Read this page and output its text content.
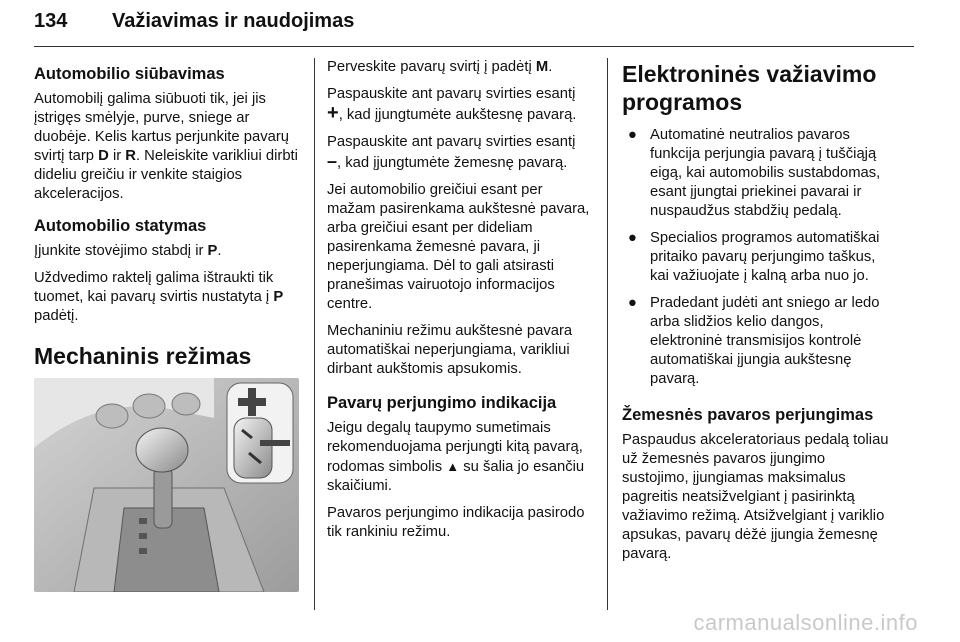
134 Važiavimas ir naudojimas
Automobilio siūbavimas

Automobilį galima siūbuoti tik, jei jis įstrigęs smėlyje, purve, sniege ar duobėje. Kelis kartus perjunkite pavarų svirtį tarp D ir R. Neleiskite varikliui dirbti dideliu greičiu ir venkite staigios akceleracijos.

Automobilio statymas

Įjunkite stovėjimo stabdį ir P.

Uždvedimo raktelį galima ištraukti tik tuomet, kai pavarų svirtis nustatyta į P padėtį.

Mechaninis režimas

Perveskite pavarų svirtį į padėtį M.

Paspauskite ant pavarų svirties esantį +, kad įjungtumėte aukštesnę pavarą.

Paspauskite ant pavarų svirties esantį –, kad įjungtumėte žemesnę pavarą.

Jei automobilio greičiui esant per mažam pasirenkama aukštesnė pavara, arba greičiui esant per dideliam pasirenkama žemesnė pavara, ji neperjungiama. Dėl to gali atsirasti pranešimas vairuotojo informacijos centre.

Mechaniniu režimu aukštesnė pavara automatiškai neperjungiama, varikliui dirbant aukštomis apsukomis.

Pavarų perjungimo indikacija

Jeigu degalų taupymo sumetimais rekomenduojama perjungti kitą pavarą, rodomas simbolis ▲ su šalia jo esančiu skaičiumi.

Pavaros perjungimo indikacija pasirodo tik rankiniu režimu.

Elektroninės važiavimo programos
● Automatinė neutralios pavaros funkcija perjungia pavarą į tuščiąją eigą, kai automobilis sustabdomas, esant įjungtai priekinei pavarai ir nuspaudžus stabdžių pedalą.
● Specialios programos automatiškai pritaiko pavarų perjungimo taškus, kai važiuojate į kalną arba nuo jo.
● Pradedant judėti ant sniego ar ledo arba slidžios kelio dangos, elektroninė transmisijos kontrolė automatiškai įjungia aukštesnę pavarą.
Žemesnės pavaros perjungimas

Paspaudus akceleratoriaus pedalą toliau už žemesnės pavaros įjungimo sustojimo, įjungiamas maksimalus pagreitis neatsižvelgiant į pasirinktą važiavimo režimą. Atsižvelgiant į variklio apsukas, pavarų dėžė įjungia žemesnę pavarą.

carmanualsonline.info
